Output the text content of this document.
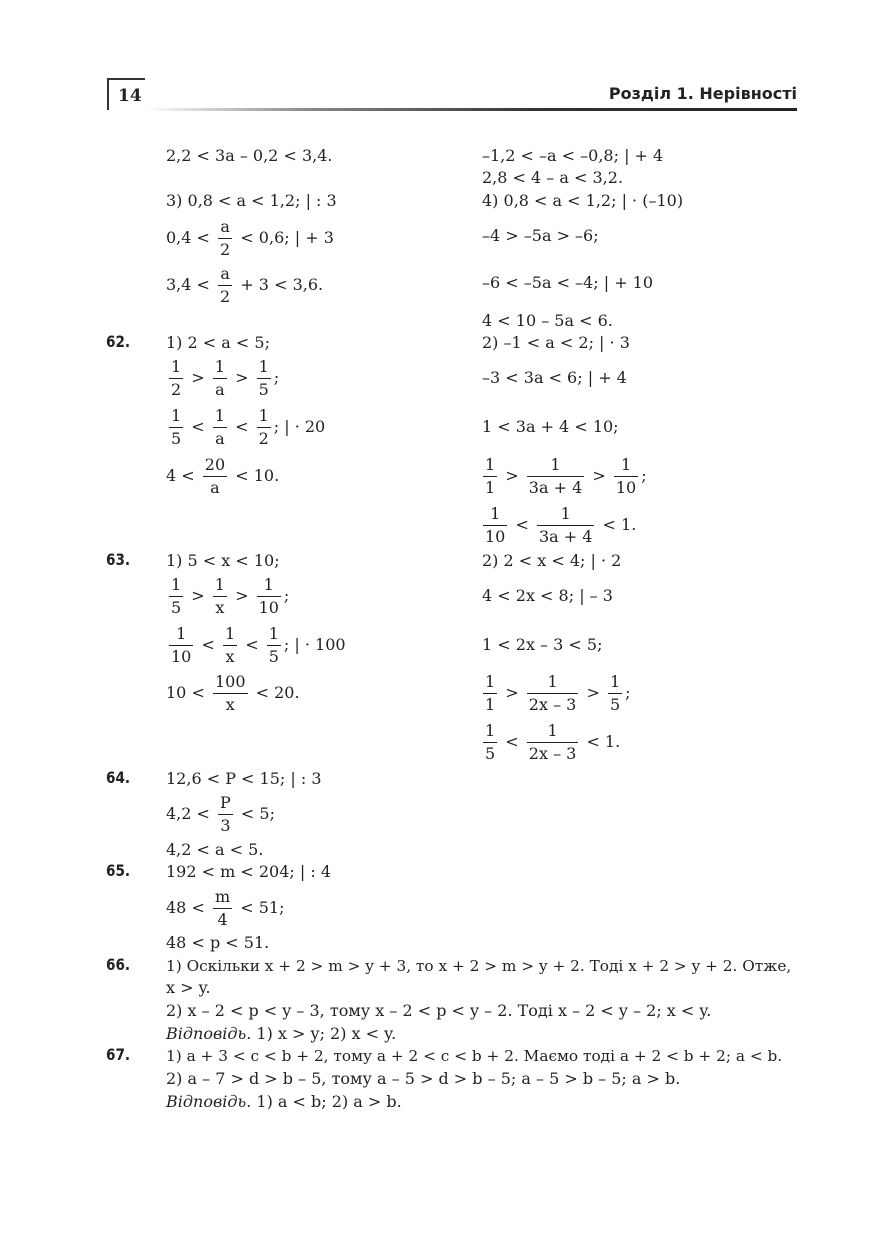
14	Розділ 1. Нерівності
2,2 < 3a – 0,2 < 3,4.	–1,2 < –a < –0,8; | + 4
2,8 < 4 – a < 3,2.
3) 0,8 < a < 1,2; | : 3	4) 0,8 < a < 1,2; | · (–10)
$0,4 < \frac{a}{2} < 0,6$; | + 3	–4 > –5a > –6;
$3,4 < \frac{a}{2} + 3 < 3,6$.	–6 < –5a < –4; | + 10
4 < 10 – 5a < 6.
62. 1) 2 < a < 5;	2) –1 < a < 2; | · 3
$\frac{1}{2} > \frac{1}{a} > \frac{1}{5}$ ;	–3 < 3a < 6; | + 4
$\frac{1}{5} < \frac{1}{a} < \frac{1}{2}$ ; | · 20	1 < 3a + 4 < 10;
$4 < \frac{20}{a} < 10$.	$\frac{1}{1} > \frac{1}{3a + 4} > \frac{1}{10}$ ;
$\frac{1}{10} < \frac{1}{3a + 4} < 1$.
63. 1) 5 < x < 10;	2) 2 < x < 4; | · 2
$\frac{1}{5} > \frac{1}{x} > \frac{1}{10}$ ;	4 < 2x < 8; | – 3
$\frac{1}{10} < \frac{1}{x} < \frac{1}{5}$ ; | · 100	1 < 2x – 3 < 5;
$10 < \frac{100}{x} < 20$.	$\frac{1}{1} > \frac{1}{2x - 3} > \frac{1}{5}$ ;
$\frac{1}{5} < \frac{1}{2x - 3} < 1$.
64. 12,6 < P < 15; | : 3
$4,2 < \frac{P}{3} < 5$;
4,2 < a < 5.
65. 192 < m < 204; | : 4
$48 < \frac{m}{4} < 51$;
48 < p < 51.
66. 1) Оскільки x + 2 > m > y + 3, то x + 2 > m > y + 2. Тоді x + 2 > y + 2. Отже,
x > y.
2) x – 2 < p < y – 3, тому x – 2 < p < y – 2. Тоді x – 2 < y – 2; x < y.
Відповідь. 1) x > y; 2) x < y.
67. 1) a + 3 < c < b + 2, тому a + 2 < c < b + 2. Маємо тоді a + 2 < b + 2; a < b.
2) a – 7 > d > b – 5, тому a – 5 > d > b – 5; a – 5 > b – 5; a > b.
Відповідь. 1) a < b; 2) a > b.
